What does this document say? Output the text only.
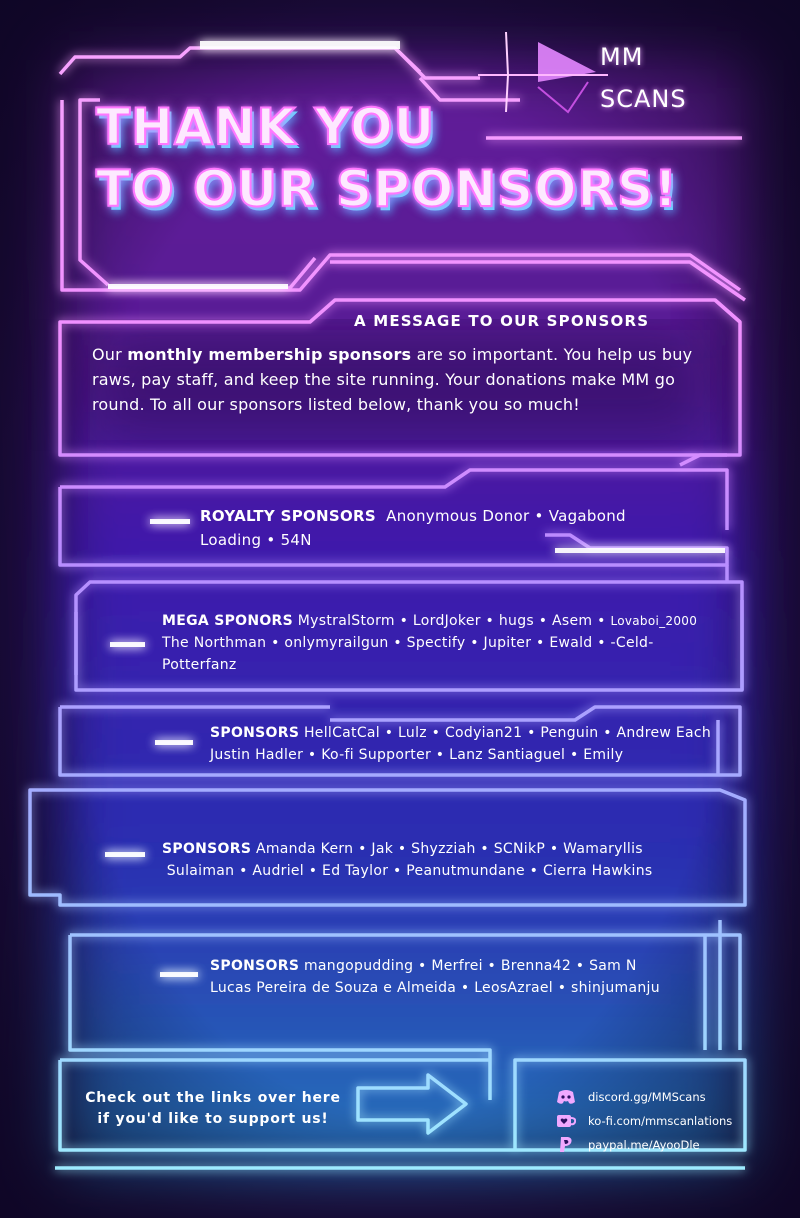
MM
SCANS
THANK YOU
TO OUR SPONSORS!
A MESSAGE TO OUR SPONSORS
Our monthly membership sponsors are so important. You help us buy raws, pay staff, and keep the site running. Your donations make MM go round. To all our sponsors listed below, thank you so much!
ROYALTY SPONSORS Anonymous Donor • Vagabond
Loading • 54N
MEGA SPONORS MystralStorm • LordJoker • hugs • Asem • Lovaboi_2000
The Northman • onlymyrailgun • Spectify • Jupiter • Ewald • -Celd-
Potterfanz
SPONSORS HellCatCal • Lulz • Codyian21 • Penguin • Andrew Each
Justin Hadler • Ko-fi Supporter • Lanz Santiaguel • Emily
SPONSORS Amanda Kern • Jak • Shyzziah • SCNikP • Wamaryllis
Sulaiman • Audriel • Ed Taylor • Peanutmundane • Cierra Hawkins
SPONSORS mangopudding • Merfrei • Brenna42 • Sam N
Lucas Pereira de Souza e Almeida • LeosAzrael • shinjumanju
Check out the links over here
if you'd like to support us!
discord.gg/MMScans
ko-fi.com/mmscanlations
paypal.me/AyooDle
